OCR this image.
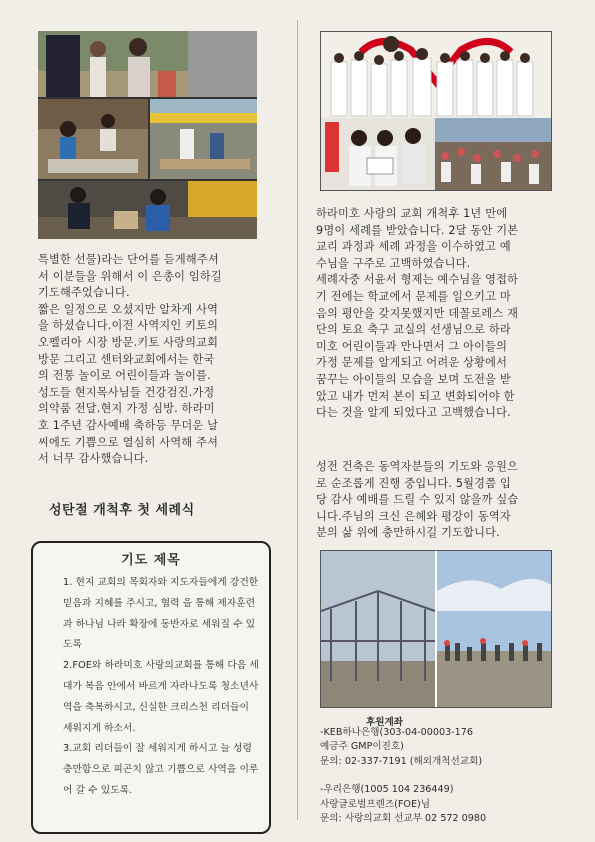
특별한 선물)라는 단어를 듣게해주셔
서 이분들을 위해서 이 은총이 임하길
기도해주었습니다.
짧은 일정으로 오셨지만 알차게 사역
을 하셨습니다.이전 사역지인 키토의
오펠리아 시장 방문.키토 사랑의교회
방문 그리고 센터와교회에서는 한국
의 전통 놀이로 어린이들과 놀이를.
성도들 현지목사님들 건강검진.가정
의약품 전달.현지 가정 심방. 하라미
호 1주년 감사예배 축하등 무더운 날
씨에도 기쁨으로 열심히 사역해 주셔
서 너무 감사했습니다.
성탄절 개척후 첫 세례식
기도 제목
1. 현지 교회의 목회자와 지도자들에게 강건한 믿음과 지혜를 주시고, 협력 을 통해 제자훈련과 하나님 나라 확장에 동반자로 세워질 수 있도록
2.FOE와 하라미호 사랑의교회를 통해 다음 세대가 복음 안에서 바르게 자라나도록 청소년사역을 축복하시고, 신실한 크리스천 리더들이 세워지게 하소서.
3.교회 리더들이 잘 세워지게 하시고 늘 성령 충만함으로 피곤치 않고 기쁨으로 사역을 이루어 갈 수 있도록.
하라미호 사랑의 교회 개척후 1년 만에
9명이 세례를 받았습니다. 2달 동안 기본
교리 과정과 세례 과정을 이수하였고 예
수님을 구주로 고백하였습니다.
세례자중 서윤서 형제는 예수님을 영접하
기 전에는 학교에서 문제를 일으키고 마
음의 평안을 갖지못했지만 데꼴로레스 재
단의 토요 축구 교실의 선생님으로 하라
미호 어린이들과 만나면서 그 아이들의
가정 문제를 알게되고 어려운 상황에서
꿈꾸는 아이들의 모습을 보며 도전을 받
았고 내가 먼저 본이 되고 변화되어야 한
다는 것을 알게 되었다고 고백했습니다.
성전 건축은 동역자분들의 기도와 응원으
로 순조롭게 진행 중입니다. 5월경쯤 입
당 감사 예배를 드릴 수 있지 않을까 싶습
니다.주님의 크신 은혜와 평강이 동역자
분의 삶 위에 충만하시길 기도합니다.
후원계좌
-KEB하나은행(303-04-00003-176
예금주 GMP이진호)
문의: 02-337-7191 (해외개척선교회)
-우리은행(1005 104 236449)
사랑글로벌프렌즈(FOE)님
문의: 사랑의교회 선교부 02 572 0980
